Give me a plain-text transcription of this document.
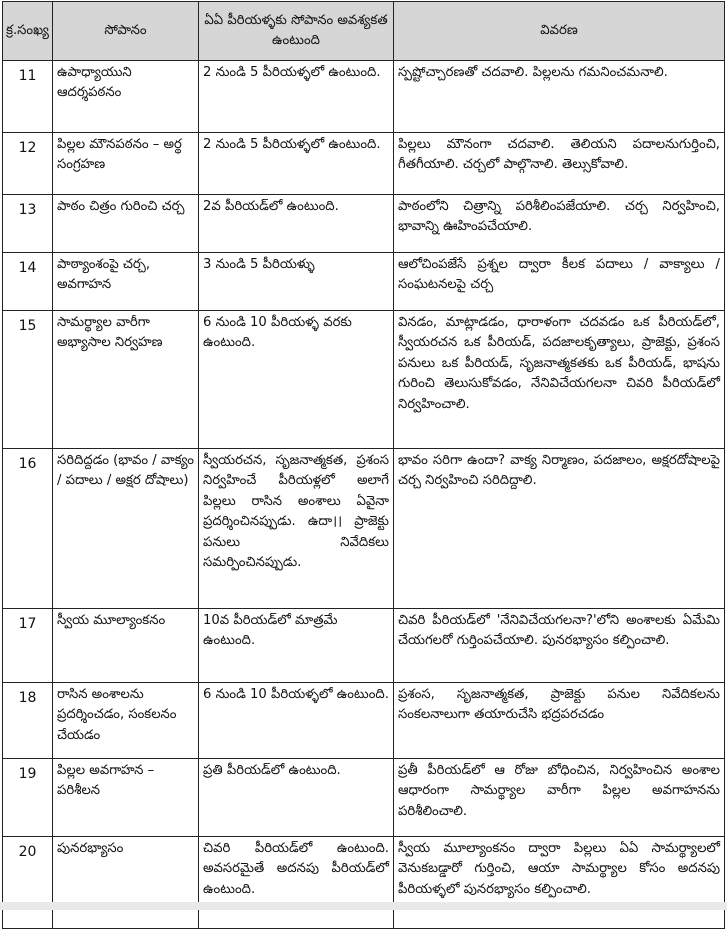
క్ర.సంఖ్య	సోపానం	ఏఏ పీరియళ్ళకు సోపానం అవశ్యకత ఉంటుంది	వివరణ
11	ఉపాధ్యాయుని ఆదర్శపఠనం	2 నుండి 5 పీరియళ్ళలో ఉంటుంది.	స్పష్టోచ్చారణతో చదవాలి. పిల్లలను గమనించమనాలి.
12	పిల్లల మౌనపఠనం – అర్థ సంగ్రహణ	2 నుండి 5 పీరియళ్ళలో ఉంటుంది.	పిల్లలు మౌనంగా చదవాలి. తెలియని పదాలనుగుర్తించి, గీతగీయాలి. చర్చలో పాల్గొనాలి. తెల్సుకోవాలి.
13	పాఠం చిత్రం గురించి చర్చ	2వ పీరియడ్‌లో ఉంటుంది.	పాఠంలోని చిత్రాన్ని పరిశీలింపజేయాలి. చర్చ నిర్వహించి, భావాన్ని ఊహింపచేయాలి.
14	పాఠ్యాంశంపై చర్చ, అవగాహన	3 నుండి 5 పీరియళ్ళు	ఆలోచింపజేసే ప్రశ్నల ద్వారా కీలక పదాలు / వాక్యాలు / సంఘటనలపై చర్చ
15	సామర్థ్యాల వారీగా అభ్యాసాల నిర్వహణ	6 నుండి 10 పీరియళ్ళ వరకు ఉంటుంది.	వినడం, మాట్లాడడం, ధారాళంగా చదవడం ఒక పీరియడ్‌లో, స్వీయరచన ఒక పీరియడ్, పదజాలకృత్యాలు, ప్రాజెక్టు, ప్రశంస పనులు ఒక పీరియడ్, సృజనాత్మకతకు ఒక పీరియడ్, భాషను గురించి తెలుసుకోవడం, నేనివిచేయగలనా చివరి పీరియడ్‌లో నిర్వహించాలి.
16	సరిదిద్దడం (భావం / వాక్యం / పదాలు / అక్షర దోషాలు)	స్వీయరచన, సృజనాత్మకత, ప్రశంస నిర్వహించే పీరియళ్లలో అలాగే పిల్లలు రాసిన అంశాలు ఏవైనా ప్రదర్శించినప్పుడు. ఉదా।। ప్రాజెక్టు పనులు నివేదికలు సమర్పించినప్పుడు.	భావం సరిగా ఉందా? వాక్య నిర్మాణం, పదజాలం, అక్షరదోషాలపై చర్చ నిర్వహించి సరిదిద్దాలి.
17	స్వీయ మూల్యాంకనం	10వ పీరియడ్‌లో మాత్రమే ఉంటుంది.	చివరి పీరియడ్‌లో 'నేనివిచేయగలనా?'లోని అంశాలకు ఏమేమి చేయగలరో గుర్తింపచేయాలి. పునరభ్యాసం కల్పించాలి.
18	రాసిన అంశాలను ప్రదర్శించడం, సంకలనం చేయడం	6 నుండి 10 పీరియళ్ళలో ఉంటుంది.	ప్రశంస, సృజనాత్మకత, ప్రాజెక్టు పనుల నివేదికలను సంకలనాలుగా తయారుచేసి భద్రపరచడం
19	పిల్లల అవగాహన – పరిశీలన	ప్రతి పీరియడ్‌లో ఉంటుంది.	ప్రతీ పీరియడ్‌లో ఆ రోజు బోధించిన, నిర్వహించిన అంశాల ఆధారంగా సామర్థ్యాల వారీగా పిల్లల అవగాహనను పరిశీలించాలి.
20	పునరభ్యాసం	చివరి పీరియడ్‌లో ఉంటుంది. అవసరమైతే అదనపు పీరియడ్‌లో ఉంటుంది.	స్వీయ మూల్యాంకనం ద్వారా పిల్లలు ఏఏ సామర్థ్యాలలో వెనుకబడ్డారో గుర్తించి, ఆయా సామర్థ్యాల కోసం అదనపు పీరియళ్ళలో పునరభ్యాసం కల్పించాలి.
